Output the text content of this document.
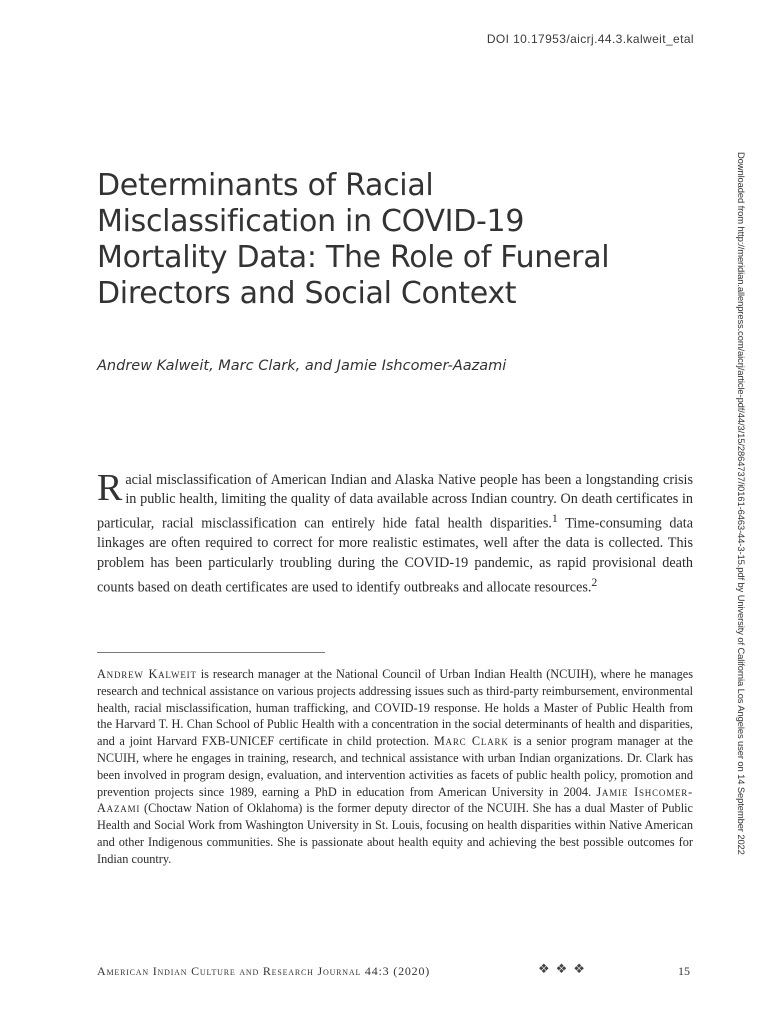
DOI 10.17953/aicrj.44.3.kalweit_etal
Downloaded from http://meridian.allenpress.com/aicrj/article-pdf/44/3/15/2864737/i0161-6463-44-3-15.pdf by University of California Los Angeles user on 14 September 2022
Determinants of Racial
Misclassification in COVID-19
Mortality Data: The Role of Funeral
Directors and Social Context
Andrew Kalweit, Marc Clark, and Jamie Ishcomer-Aazami

Racial misclassification of American Indian and Alaska Native people has been a longstanding crisis in public health, limiting the quality of data available across Indian country. On death certificates in particular, racial misclassification can entirely hide fatal health disparities.$^1$ Time-consuming data linkages are often required to correct for more realistic estimates, well after the data is collected. This problem has been particularly troubling during the COVID-19 pandemic, as rapid provisional death counts based on death certificates are used to identify outbreaks and allocate resources.$^2$

Andrew Kalweit is research manager at the National Council of Urban Indian Health (NCUIH), where he manages research and technical assistance on various projects addressing issues such as third-party reimbursement, environmental health, racial misclassification, human trafficking, and COVID-19 response. He holds a Master of Public Health from the Harvard T. H. Chan School of Public Health with a concentration in the social determinants of health and disparities, and a joint Harvard FXB-UNICEF certificate in child protection. Marc Clark is a senior program manager at the NCUIH, where he engages in training, research, and technical assistance with urban Indian organizations. Dr. Clark has been involved in program design, evaluation, and intervention activities as facets of public health policy, promotion and prevention projects since 1989, earning a PhD in education from American University in 2004. Jamie Ishcomer-Aazami (Choctaw Nation of Oklahoma) is the former deputy director of the NCUIH. She has a dual Master of Public Health and Social Work from Washington University in St. Louis, focusing on health disparities within Native American and other Indigenous communities. She is passionate about health equity and achieving the best possible outcomes for Indian country.

American Indian Culture and Research Journal 44:3 (2020)	❖❖❖	15
